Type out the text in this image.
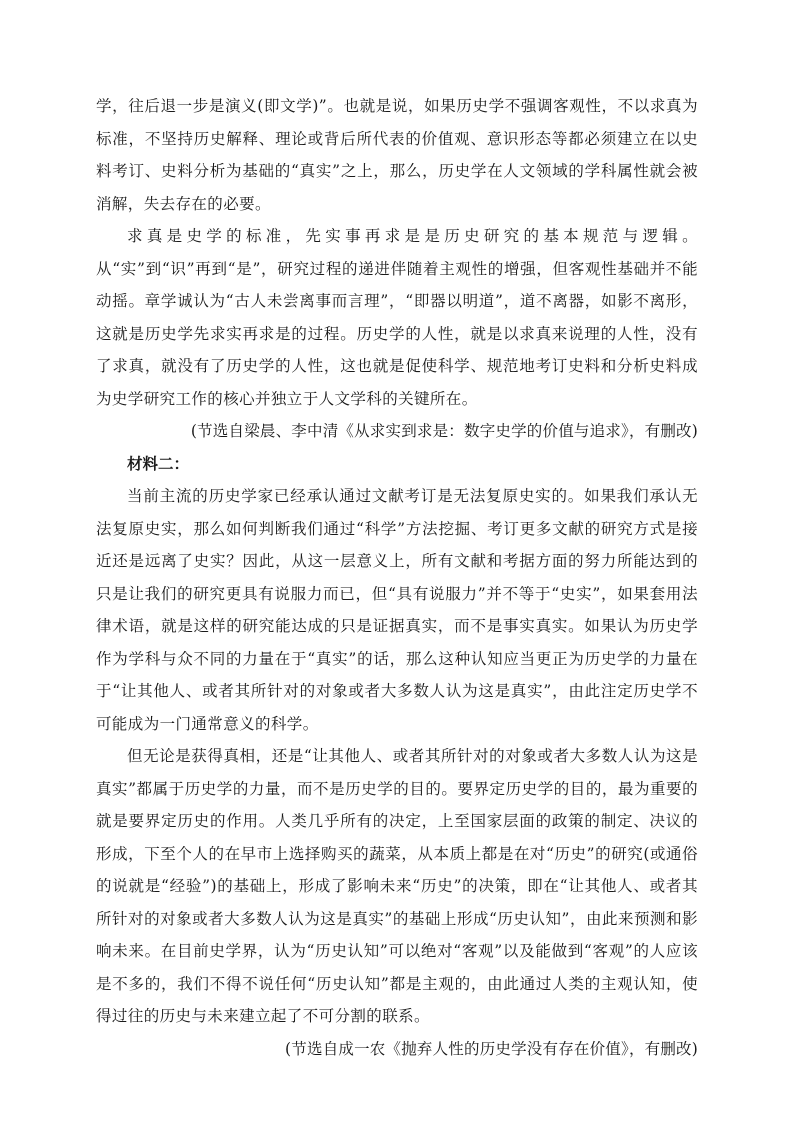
学，往后退一步是演义(即文学)”。也就是说，如果历史学不强调客观性，不以求真为标准，不坚持历史解释、理论或背后所代表的价值观、意识形态等都必须建立在以史料考订、史料分析为基础的“真实”之上，那么，历史学在人文领域的学科属性就会被消解，失去存在的必要。

求真是史学的标准，先实事再求是是历史研究的基本规范与逻辑。从“实”到“识”再到“是”，研究过程的递进伴随着主观性的增强，但客观性基础并不能动摇。章学诚认为“古人未尝离事而言理”，“即器以明道”，道不离器，如影不离形，这就是历史学先求实再求是的过程。历史学的人性，就是以求真来说理的人性，没有了求真，就没有了历史学的人性，这也就是促使科学、规范地考订史料和分析史料成为史学研究工作的核心并独立于人文学科的关键所在。

(节选自梁晨、李中清《从求实到求是：数字史学的价值与追求》，有删改)

材料二：

当前主流的历史学家已经承认通过文献考订是无法复原史实的。如果我们承认无法复原史实，那么如何判断我们通过“科学”方法挖掘、考订更多文献的研究方式是接近还是远离了史实？因此，从这一层意义上，所有文献和考据方面的努力所能达到的只是让我们的研究更具有说服力而已，但“具有说服力”并不等于“史实”，如果套用法律术语，就是这样的研究能达成的只是证据真实，而不是事实真实。如果认为历史学作为学科与众不同的力量在于“真实”的话，那么这种认知应当更正为历史学的力量在于“让其他人、或者其所针对的对象或者大多数人认为这是真实”，由此注定历史学不可能成为一门通常意义的科学。

但无论是获得真相，还是“让其他人、或者其所针对的对象或者大多数人认为这是真实”都属于历史学的力量，而不是历史学的目的。要界定历史学的目的，最为重要的就是要界定历史的作用。人类几乎所有的决定，上至国家层面的政策的制定、决议的形成，下至个人的在早市上选择购买的蔬菜，从本质上都是在对“历史”的研究(或通俗的说就是“经验”)的基础上，形成了影响未来“历史”的决策，即在“让其他人、或者其所针对的对象或者大多数人认为这是真实”的基础上形成“历史认知”，由此来预测和影响未来。在目前史学界，认为“历史认知”可以绝对“客观”以及能做到“客观”的人应该是不多的，我们不得不说任何“历史认知”都是主观的，由此通过人类的主观认知，使得过往的历史与未来建立起了不可分割的联系。

(节选自成一农《抛弃人性的历史学没有存在价值》，有删改)
